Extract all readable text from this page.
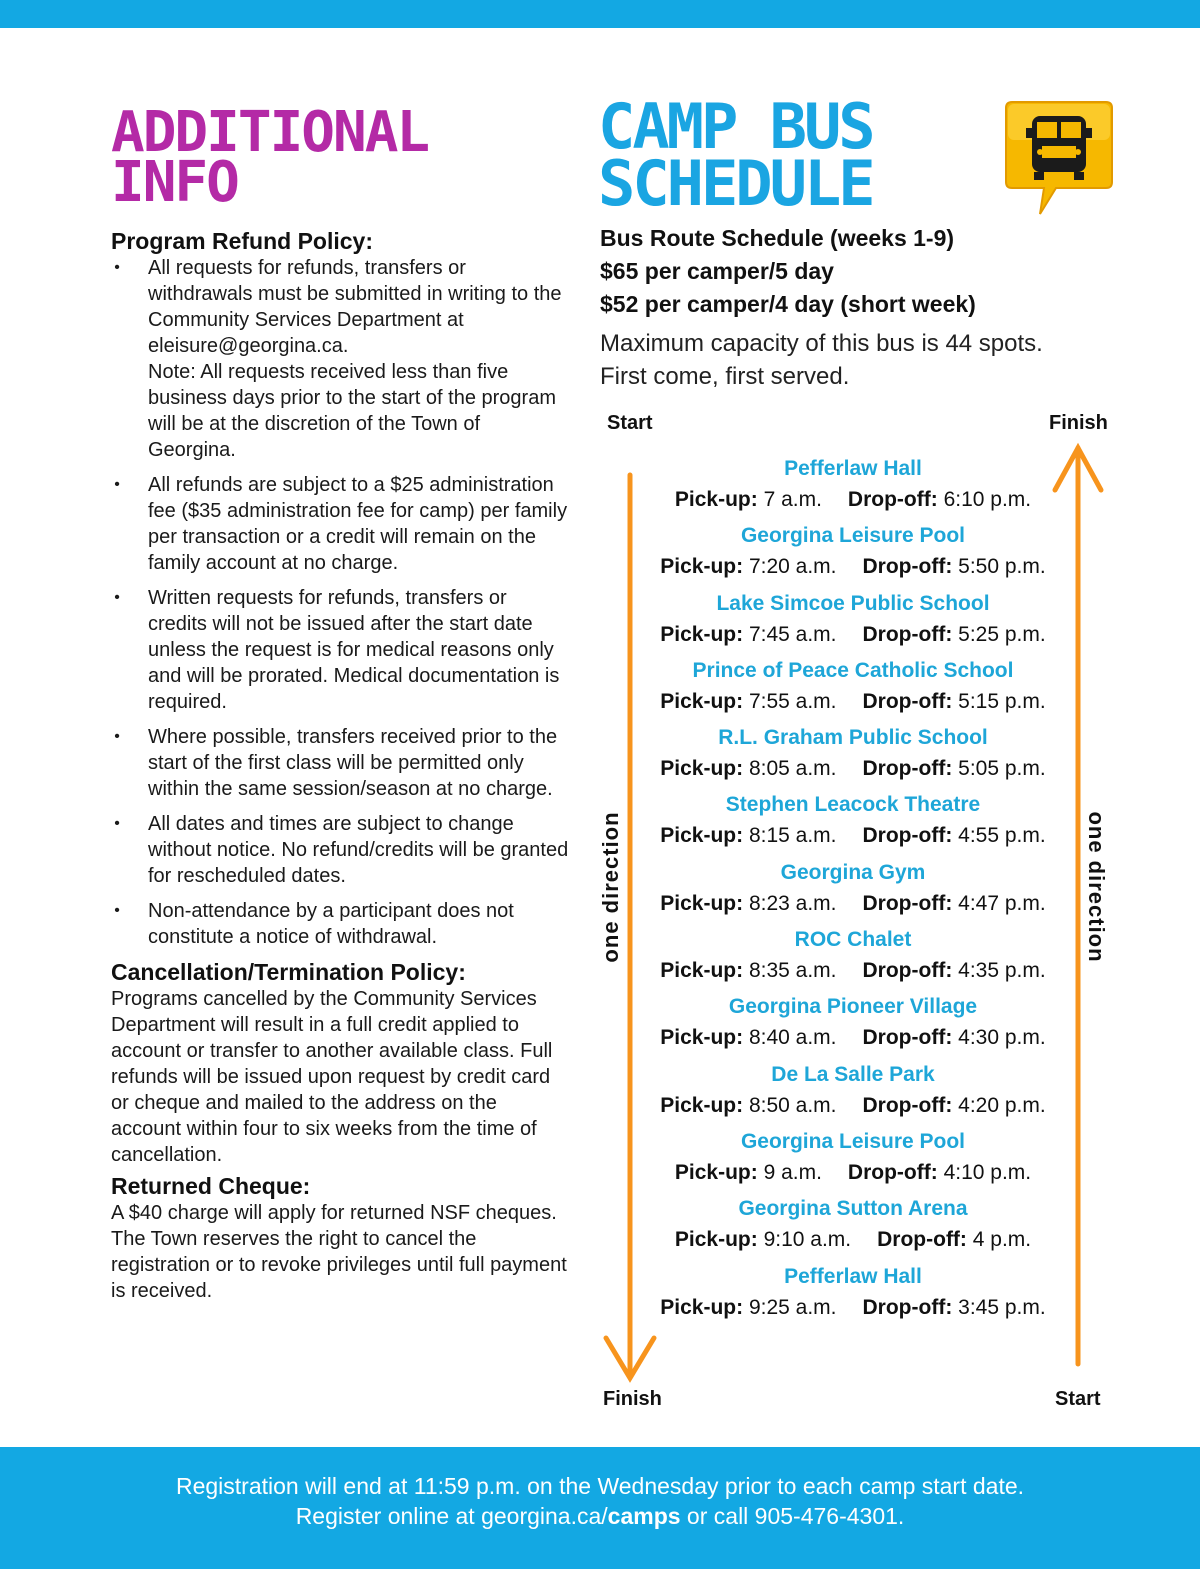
ADDITIONAL INFO
Program Refund Policy:
• All requests for refunds, transfers or withdrawals must be submitted in writing to the Community Services Department at eleisure@georgina.ca.
Note: All requests received less than five business days prior to the start of the program will be at the discretion of the Town of Georgina.
• All refunds are subject to a $25 administration fee ($35 administration fee for camp) per family per transaction or a credit will remain on the family account at no charge.
• Written requests for refunds, transfers or credits will not be issued after the start date unless the request is for medical reasons only and will be prorated. Medical documentation is required.
• Where possible, transfers received prior to the start of the first class will be permitted only within the same session/season at no charge.
• All dates and times are subject to change without notice. No refund/credits will be granted for rescheduled dates.
• Non-attendance by a participant does not constitute a notice of withdrawal.
Cancellation/Termination Policy:
Programs cancelled by the Community Services Department will result in a full credit applied to account or transfer to another available class. Full refunds will be issued upon request by credit card or cheque and mailed to the address on the account within four to six weeks from the time of cancellation.
Returned Cheque:
A $40 charge will apply for returned NSF cheques. The Town reserves the right to cancel the registration or to revoke privileges until full payment is received.
CAMP BUS SCHEDULE
Bus Route Schedule (weeks 1-9)
$65 per camper/5 day
$52 per camper/4 day (short week)
Maximum capacity of this bus is 44 spots.
First come, first served.
Start	Finish
Finish	Start
one direction	one direction
Pefferlaw Hall
Pick-up: 7 a.m. Drop-off: 6:10 p.m.
Georgina Leisure Pool
Pick-up: 7:20 a.m. Drop-off: 5:50 p.m.
Lake Simcoe Public School
Pick-up: 7:45 a.m. Drop-off: 5:25 p.m.
Prince of Peace Catholic School
Pick-up: 7:55 a.m. Drop-off: 5:15 p.m.
R.L. Graham Public School
Pick-up: 8:05 a.m. Drop-off: 5:05 p.m.
Stephen Leacock Theatre
Pick-up: 8:15 a.m. Drop-off: 4:55 p.m.
Georgina Gym
Pick-up: 8:23 a.m. Drop-off: 4:47 p.m.
ROC Chalet
Pick-up: 8:35 a.m. Drop-off: 4:35 p.m.
Georgina Pioneer Village
Pick-up: 8:40 a.m. Drop-off: 4:30 p.m.
De La Salle Park
Pick-up: 8:50 a.m. Drop-off: 4:20 p.m.
Georgina Leisure Pool
Pick-up: 9 a.m. Drop-off: 4:10 p.m.
Georgina Sutton Arena
Pick-up: 9:10 a.m. Drop-off: 4 p.m.
Pefferlaw Hall
Pick-up: 9:25 a.m. Drop-off: 3:45 p.m.
Registration will end at 11:59 p.m. on the Wednesday prior to each camp start date.
Register online at georgina.ca/camps or call 905-476-4301.
